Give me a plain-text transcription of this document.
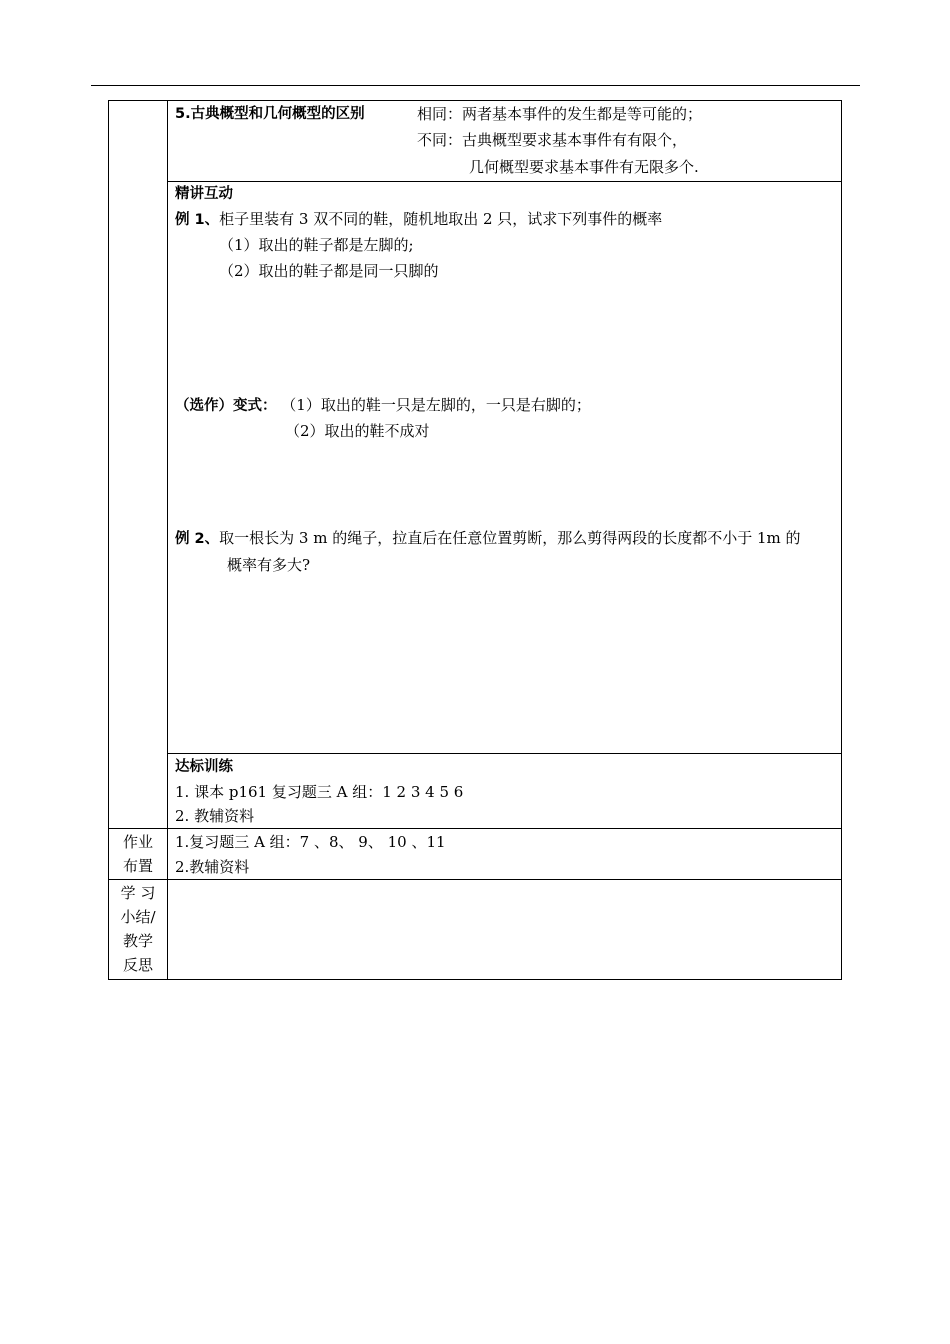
5.古典概型和几何概型的区别	相同：两者基本事件的发生都是等可能的；
不同：古典概型要求基本事件有有限个，
几何概型要求基本事件有无限多个.
精讲互动
例 1、柜子里装有 3 双不同的鞋，随机地取出 2 只，试求下列事件的概率
（1）取出的鞋子都是左脚的;
（2）取出的鞋子都是同一只脚的
（选作）变式： （1）取出的鞋一只是左脚的，一只是右脚的；
（2）取出的鞋不成对
例 2、取一根长为 3 m 的绳子，拉直后在任意位置剪断，那么剪得两段的长度都不小于 1m 的
概率有多大?
达标训练
1. 课本 p161 复习题三 A 组：1 2 3 4 5 6
2. 教辅资料
作业
布置
1.复习题三 A 组：7 、8、 9、 10 、11
2.教辅资料
学 习
小结/
教学
反思
